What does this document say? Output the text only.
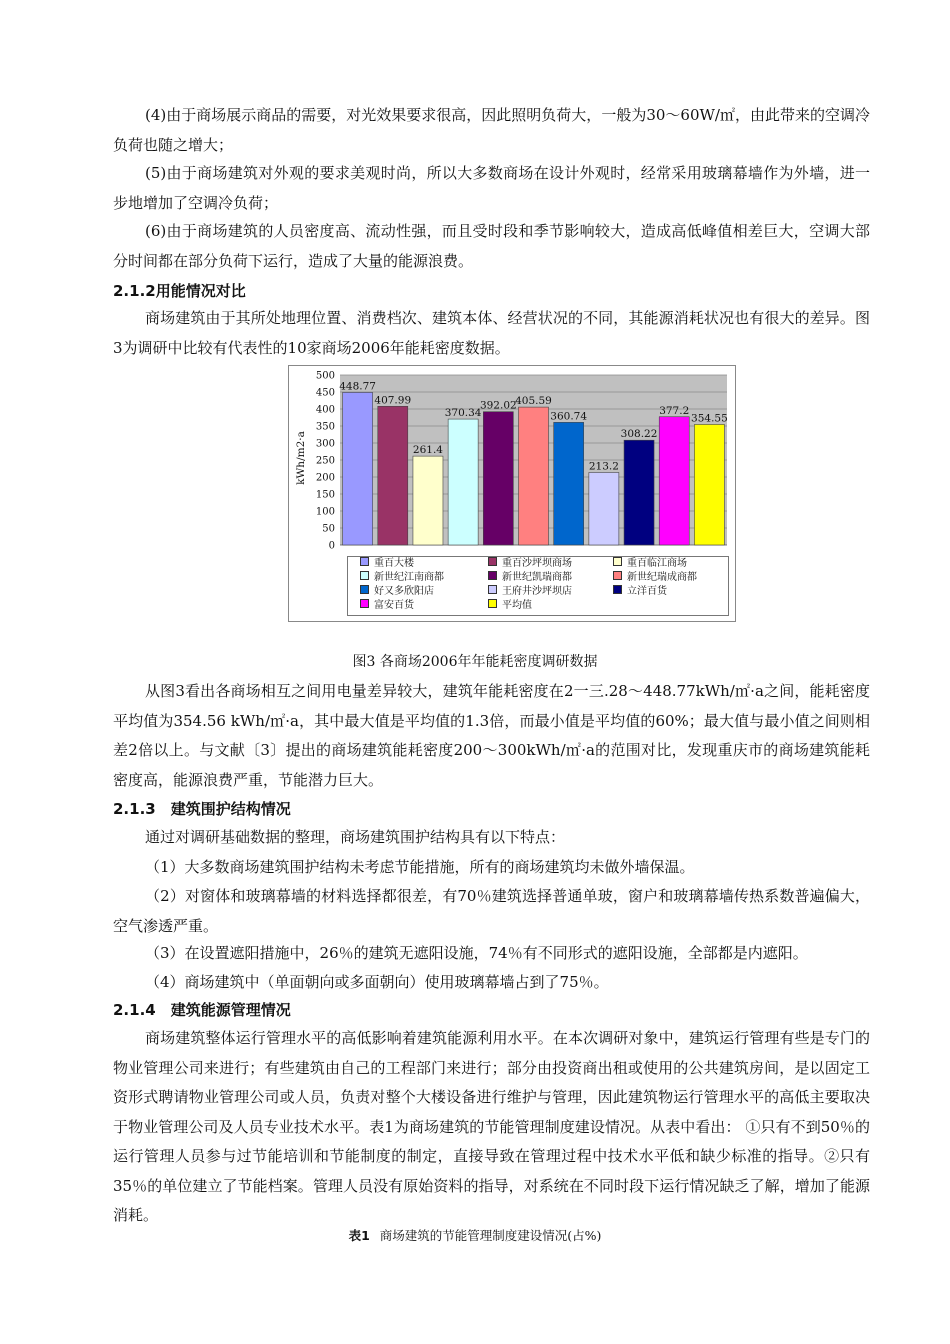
(4)由于商场展示商品的需要，对光效果要求很高，因此照明负荷大，一般为30～60W/㎡，由此带来的空调冷负荷也随之增大；

(5)由于商场建筑对外观的要求美观时尚，所以大多数商场在设计外观时，经常采用玻璃幕墙作为外墙，进一步地增加了空调冷负荷；

(6)由于商场建筑的人员密度高、流动性强，而且受时段和季节影响较大，造成高低峰值相差巨大，空调大部分时间都在部分负荷下运行，造成了大量的能源浪费。

2.1.2用能情况对比

商场建筑由于其所处地理位置、消费档次、建筑本体、经营状况的不同，其能源消耗状况也有很大的差异。图3为调研中比较有代表性的10家商场2006年能耗密度数据。

448.77
407.99
261.4
370.34
392.02
405.59
360.74
213.2
308.22
377.2
354.55
0
50
100
150
200
250
300
350
400
450
500
kWh/m2·a
重百大楼	重百沙坪坝商场	重百临江商场
新世纪江南商都	新世纪凯瑞商都	新世纪瑞成商都
好又多欣阳店	王府井沙坪坝店	立洋百货
富安百货	平均值
图3 各商场2006年年能耗密度调研数据

从图3看出各商场相互之间用电量差异较大，建筑年能耗密度在2一三.28～448.77kWh/㎡·a之间，能耗密度平均值为354.56 kWh/㎡·a，其中最大值是平均值的1.3倍，而最小值是平均值的60%；最大值与最小值之间则相差2倍以上。与文献〔3〕提出的商场建筑能耗密度200～300kWh/㎡·a的范围对比，发现重庆市的商场建筑能耗密度高，能源浪费严重，节能潜力巨大。

2.1.3　建筑围护结构情况

通过对调研基础数据的整理，商场建筑围护结构具有以下特点：

（1）大多数商场建筑围护结构未考虑节能措施，所有的商场建筑均未做外墙保温。

（2）对窗体和玻璃幕墙的材料选择都很差，有70％建筑选择普通单玻，窗户和玻璃幕墙传热系数普遍偏大，空气渗透严重。

（3）在设置遮阳措施中，26％的建筑无遮阳设施，74％有不同形式的遮阳设施，全部都是内遮阳。

（4）商场建筑中（单面朝向或多面朝向）使用玻璃幕墙占到了75％。

2.1.4　建筑能源管理情况

商场建筑整体运行管理水平的高低影响着建筑能源利用水平。在本次调研对象中，建筑运行管理有些是专门的物业管理公司来进行；有些建筑由自己的工程部门来进行；部分由投资商出租或使用的公共建筑房间，是以固定工资形式聘请物业管理公司或人员，负责对整个大楼设备进行维护与管理，因此建筑物运行管理水平的高低主要取决于物业管理公司及人员专业技术水平。表1为商场建筑的节能管理制度建设情况。从表中看出： ①只有不到50％的运行管理人员参与过节能培训和节能制度的制定，直接导致在管理过程中技术水平低和缺少标准的指导。②只有35％的单位建立了节能档案。管理人员没有原始资料的指导，对系统在不同时段下运行情况缺乏了解，增加了能源消耗。

表1 商场建筑的节能管理制度建设情况(占%)
